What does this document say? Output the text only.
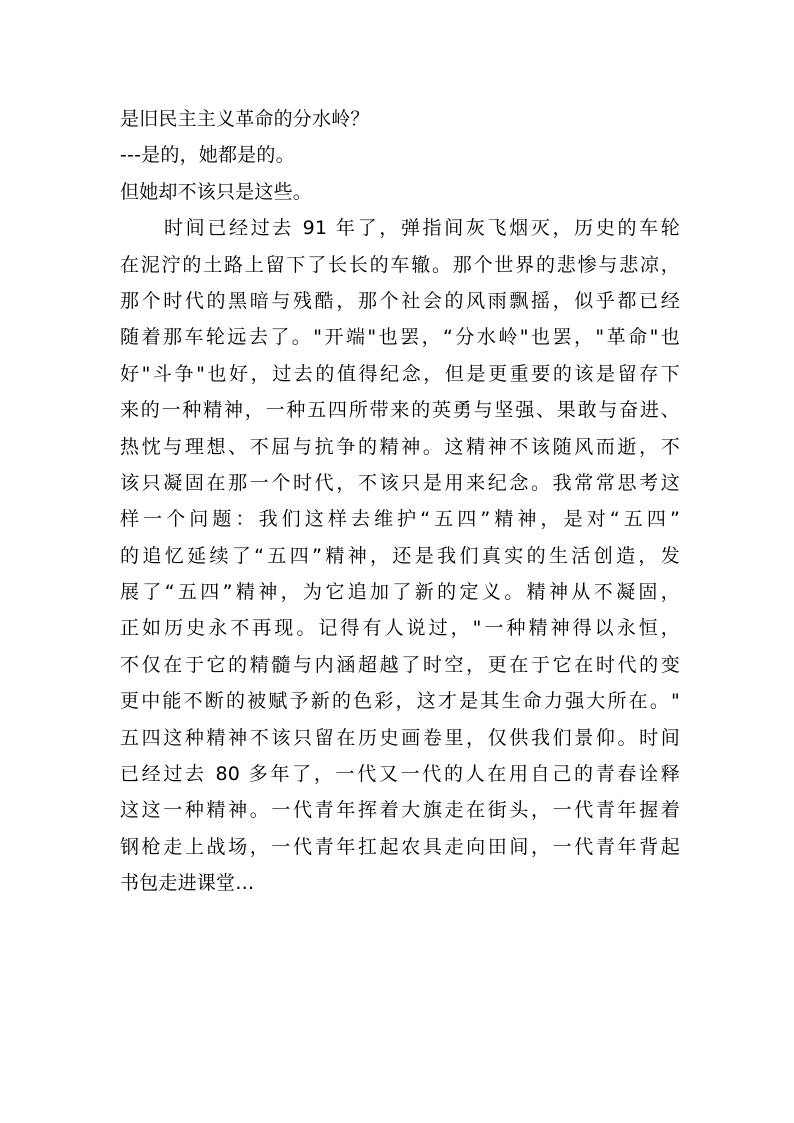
是旧民主主义革命的分水岭？
---是的，她都是的。
但她却不该只是这些。
时间已经过去 91 年了，弹指间灰飞烟灭，历史的车轮
在泥泞的土路上留下了长长的车辙。那个世界的悲惨与悲凉，
那个时代的黑暗与残酷，那个社会的风雨飘摇，似乎都已经
随着那车轮远去了。"开端"也罢，“分水岭"也罢，"革命"也
好"斗争"也好，过去的值得纪念，但是更重要的该是留存下
来的一种精神，一种五四所带来的英勇与坚强、果敢与奋进、
热忱与理想、不屈与抗争的精神。这精神不该随风而逝，不
该只凝固在那一个时代，不该只是用来纪念。我常常思考这
样一个问题：我们这样去维护“五四”精神，是对“五四”
的追忆延续了“五四”精神，还是我们真实的生活创造，发
展了“五四”精神，为它追加了新的定义。精神从不凝固，
正如历史永不再现。记得有人说过，"一种精神得以永恒，
不仅在于它的精髓与内涵超越了时空，更在于它在时代的变
更中能不断的被赋予新的色彩，这才是其生命力强大所在。"
五四这种精神不该只留在历史画卷里，仅供我们景仰。时间
已经过去 80 多年了，一代又一代的人在用自己的青春诠释
这这一种精神。一代青年挥着大旗走在街头，一代青年握着
钢枪走上战场，一代青年扛起农具走向田间，一代青年背起
书包走进课堂…
